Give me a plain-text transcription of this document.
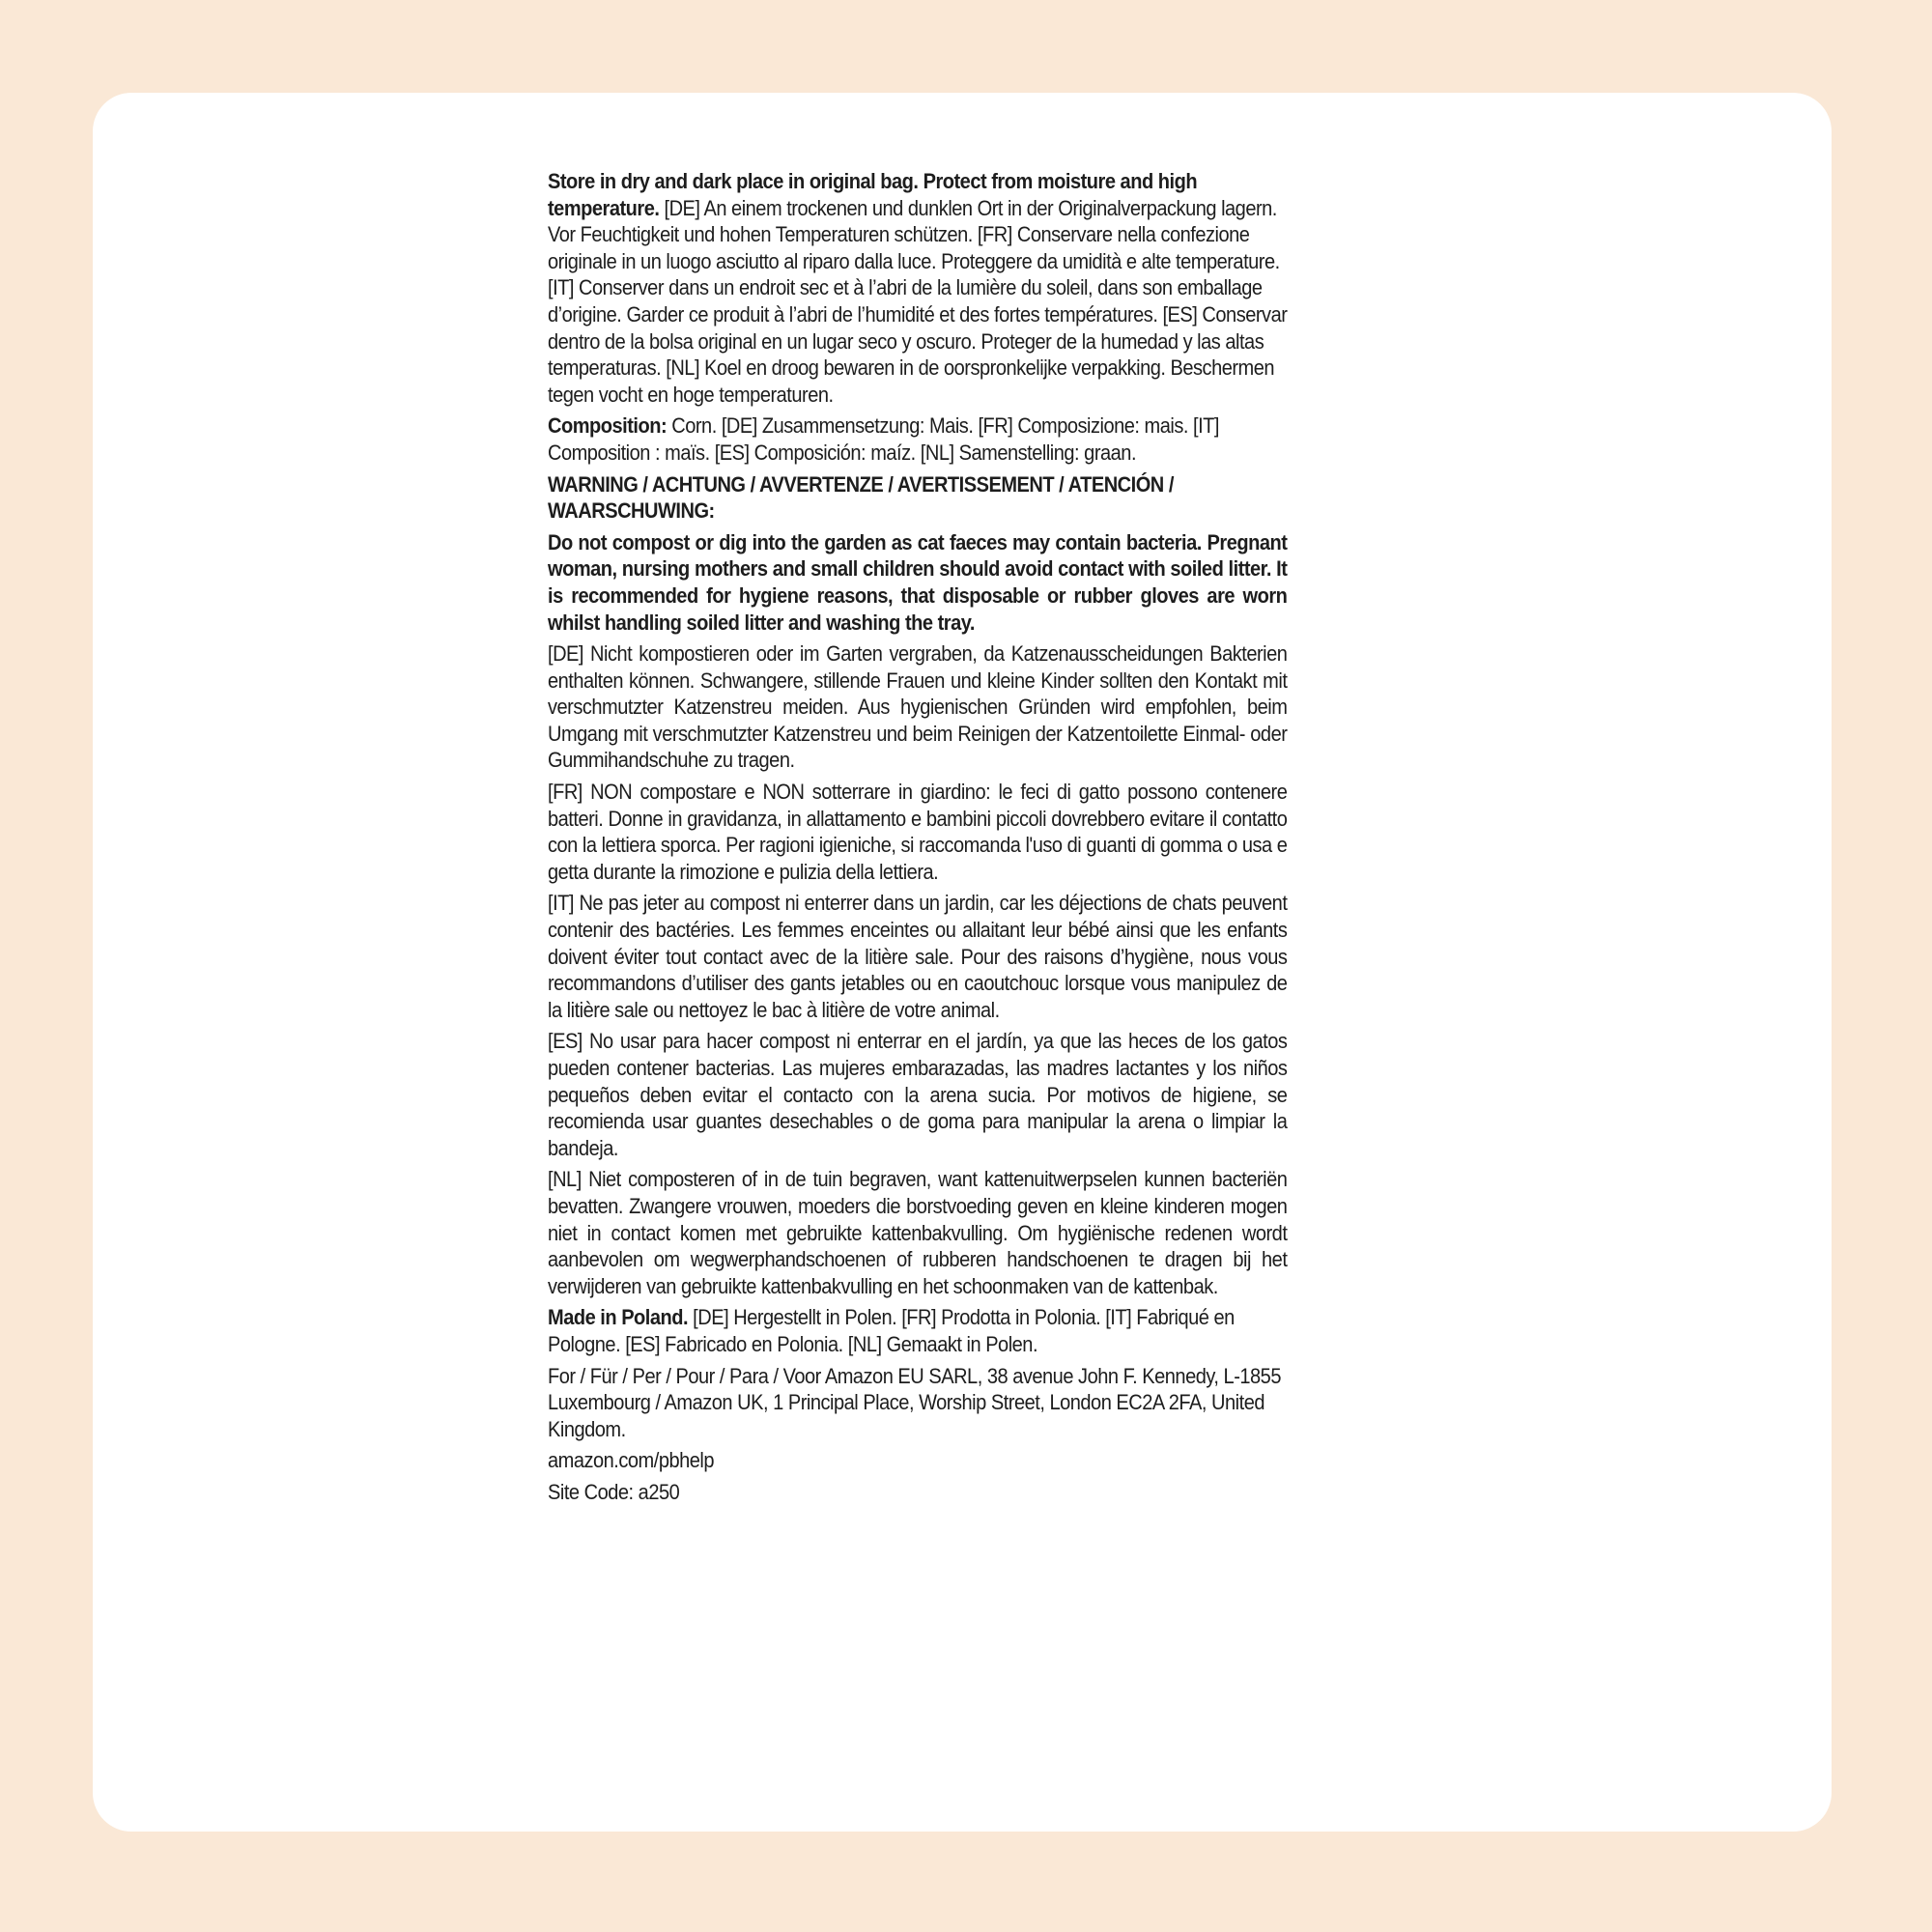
Store in dry and dark place in original bag. Protect from moisture and high temperature. [DE] An einem trockenen und dunklen Ort in der Originalverpackung lagern. Vor Feuchtigkeit und hohen Temperaturen schützen. [FR] Conservare nella confezione originale in un luogo asciutto al riparo dalla luce. Proteggere da umidità e alte temperature. [IT] Conserver dans un endroit sec et à l’abri de la lumière du soleil, dans son emballage d’origine. Garder ce produit à l’abri de l’humidité et des fortes températures. [ES] Conservar dentro de la bolsa original en un lugar seco y oscuro. Proteger de la humedad y las altas temperaturas. [NL] Koel en droog bewaren in de oorspronkelijke verpakking. Beschermen tegen vocht en hoge temperaturen.

Composition: Corn. [DE] Zusammensetzung: Mais. [FR] Composizione: mais. [IT] Composition : maïs. [ES] Composición: maíz. [NL] Samenstelling: graan.

WARNING / ACHTUNG / AVVERTENZE / AVERTISSEMENT / ATENCIÓN / WAARSCHUWING:

Do not compost or dig into the garden as cat faeces may contain bacteria. Pregnant woman, nursing mothers and small children should avoid contact with soiled litter. It is recommended for hygiene reasons, that disposable or rubber gloves are worn whilst handling soiled litter and washing the tray.

[DE] Nicht kompostieren oder im Garten vergraben, da Katzenausscheidungen Bakterien enthalten können. Schwangere, stillende Frauen und kleine Kinder sollten den Kontakt mit verschmutzter Katzenstreu meiden. Aus hygienischen Gründen wird empfohlen, beim Umgang mit verschmutzter Katzenstreu und beim Reinigen der Katzentoilette Einmal- oder Gummihandschuhe zu tragen.

[FR] NON compostare e NON sotterrare in giardino: le feci di gatto possono contenere batteri. Donne in gravidanza, in allattamento e bambini piccoli dovrebbero evitare il contatto con la lettiera sporca. Per ragioni igieniche, si raccomanda l'uso di guanti di gomma o usa e getta durante la rimozione e pulizia della lettiera.

[IT] Ne pas jeter au compost ni enterrer dans un jardin, car les déjections de chats peuvent contenir des bactéries. Les femmes enceintes ou allaitant leur bébé ainsi que les enfants doivent éviter tout contact avec de la litière sale. Pour des raisons d’hygiène, nous vous recommandons d’utiliser des gants jetables ou en caoutchouc lorsque vous manipulez de la litière sale ou nettoyez le bac à litière de votre animal.

[ES] No usar para hacer compost ni enterrar en el jardín, ya que las heces de los gatos pueden contener bacterias. Las mujeres embarazadas, las madres lactantes y los niños pequeños deben evitar el contacto con la arena sucia. Por motivos de higiene, se recomienda usar guantes desechables o de goma para manipular la arena o limpiar la bandeja.

[NL] Niet composteren of in de tuin begraven, want kattenuitwerpselen kunnen bacteriën bevatten. Zwangere vrouwen, moeders die borstvoeding geven en kleine kinderen mogen niet in contact komen met gebruikte kattenbakvulling. Om hygiënische redenen wordt aanbevolen om wegwerphandschoenen of rubberen handschoenen te dragen bij het verwijderen van gebruikte kattenbakvulling en het schoonmaken van de kattenbak.

Made in Poland. [DE] Hergestellt in Polen. [FR] Prodotta in Polonia. [IT] Fabriqué en Pologne. [ES] Fabricado en Polonia. [NL] Gemaakt in Polen.

For / Für / Per / Pour / Para / Voor Amazon EU SARL, 38 avenue John F. Kennedy, L-1855 Luxembourg / Amazon UK, 1 Principal Place, Worship Street, London EC2A 2FA, United Kingdom.

amazon.com/pbhelp

Site Code: a250
